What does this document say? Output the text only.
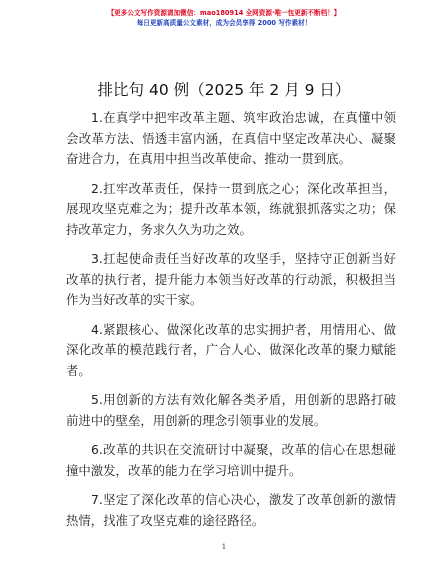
【更多公文写作资源请加微信：mao180914 全网资源·唯一包更新不断档！】
每日更新高质量公文素材，成为会员享得 2000 写作素材！
排比句 40 例（2025 年 2 月 9 日）

1.在真学中把牢改革主题、筑牢政治忠诚，在真懂中领会改革方法、悟透丰富内涵，在真信中坚定改革决心、凝聚奋进合力，在真用中担当改革使命、推动一贯到底。

2.扛牢改革责任，保持一贯到底之心；深化改革担当，展现攻坚克难之为；提升改革本领，练就狠抓落实之功；保持改革定力，务求久久为功之效。

3.扛起使命责任当好改革的攻坚手，坚持守正创新当好改革的执行者，提升能力本领当好改革的行动派，积极担当作为当好改革的实干家。

4.紧跟核心、做深化改革的忠实拥护者，用情用心、做深化改革的模范践行者，广合人心、做深化改革的聚力赋能者。

5.用创新的方法有效化解各类矛盾，用创新的思路打破前进中的壁垒，用创新的理念引领事业的发展。

6.改革的共识在交流研讨中凝聚，改革的信心在思想碰撞中激发，改革的能力在学习培训中提升。

7.坚定了深化改革的信心决心，激发了改革创新的激情热情，找准了攻坚克难的途径路径。

1
